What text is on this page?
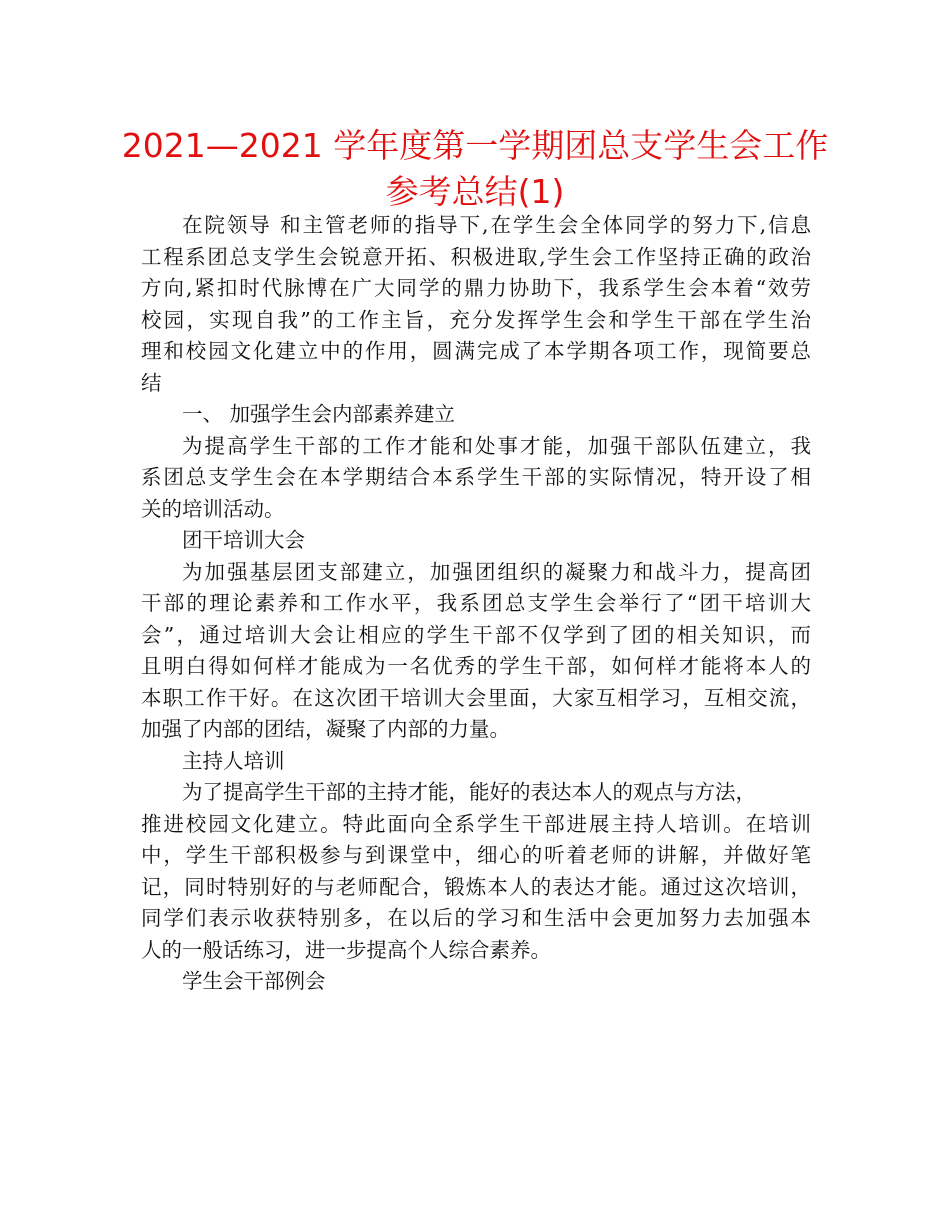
2021—2021 学年度第一学期团总支学生会工作
参考总结(1)
在院领导 和主管老师的指导下,在学生会全体同学的努力下,信息
工程系团总支学生会锐意开拓、积极进取,学生会工作坚持正确的政治
方向,紧扣时代脉博在广大同学的鼎力协助下，我系学生会本着“效劳
校园，实现自我”的工作主旨，充分发挥学生会和学生干部在学生治
理和校园文化建立中的作用，圆满完成了本学期各项工作，现简要总
结
一、 加强学生会内部素养建立
为提高学生干部的工作才能和处事才能，加强干部队伍建立，我
系团总支学生会在本学期结合本系学生干部的实际情况，特开设了相
关的培训活动。
团干培训大会
为加强基层团支部建立，加强团组织的凝聚力和战斗力，提高团
干部的理论素养和工作水平，我系团总支学生会举行了“团干培训大
会”，通过培训大会让相应的学生干部不仅学到了团的相关知识，而
且明白得如何样才能成为一名优秀的学生干部，如何样才能将本人的
本职工作干好。在这次团干培训大会里面，大家互相学习，互相交流，
加强了内部的团结，凝聚了内部的力量。
主持人培训
为了提高学生干部的主持才能，能好的表达本人的观点与方法，
推进校园文化建立。特此面向全系学生干部进展主持人培训。在培训
中，学生干部积极参与到课堂中，细心的听着老师的讲解，并做好笔
记，同时特别好的与老师配合，锻炼本人的表达才能。通过这次培训，
同学们表示收获特别多，在以后的学习和生活中会更加努力去加强本
人的一般话练习，进一步提高个人综合素养。
学生会干部例会
